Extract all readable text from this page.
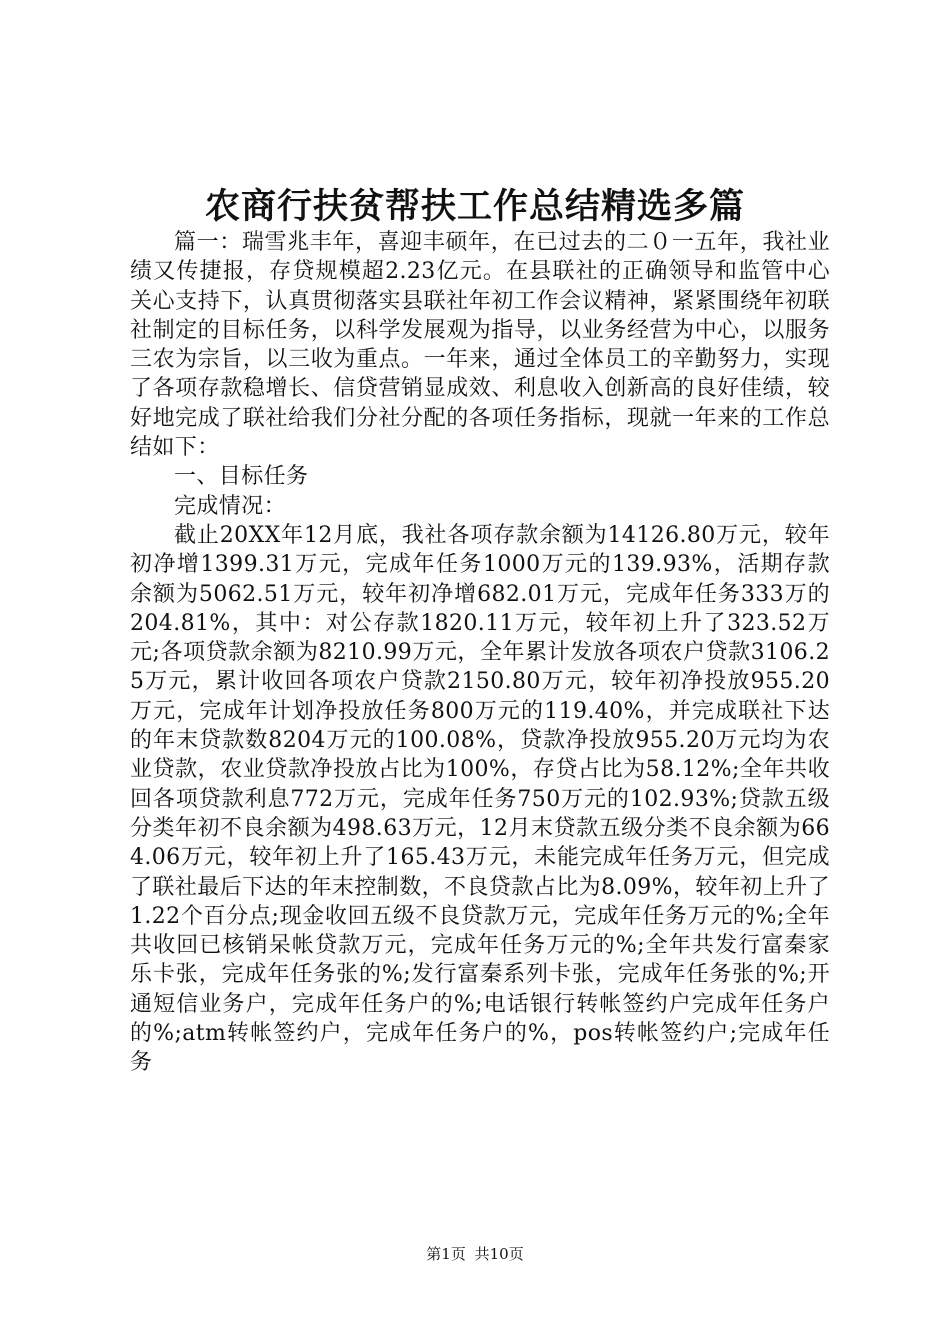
农商行扶贫帮扶工作总结精选多篇

篇一：瑞雪兆丰年，喜迎丰硕年，在已过去的二０一五年，我社业绩又传捷报，存贷规模超2.23亿元。在县联社的正确领导和监管中心关心支持下，认真贯彻落实县联社年初工作会议精神，紧紧围绕年初联社制定的目标任务，以科学发展观为指导，以业务经营为中心，以服务三农为宗旨，以三收为重点。一年来，通过全体员工的辛勤努力，实现了各项存款稳增长、信贷营销显成效、利息收入创新高的良好佳绩，较好地完成了联社给我们分社分配的各项任务指标，现就一年来的工作总结如下：

一、目标任务

完成情况：

截止20XX年12月底，我社各项存款余额为14126.80万元，较年初净增1399.31万元，完成年任务1000万元的139.93%，活期存款余额为5062.51万元，较年初净增682.01万元，完成年任务333万的204.81%，其中：对公存款1820.11万元，较年初上升了323.52万元;各项贷款余额为8210.99万元，全年累计发放各项农户贷款3106.25万元，累计收回各项农户贷款2150.80万元，较年初净投放955.20万元，完成年计划净投放任务800万元的119.40%，并完成联社下达的年末贷款数8204万元的100.08%，贷款净投放955.20万元均为农业贷款，农业贷款净投放占比为100%，存贷占比为58.12%;全年共收回各项贷款利息772万元，完成年任务750万元的102.93%;贷款五级分类年初不良余额为498.63万元，12月末贷款五级分类不良余额为664.06万元，较年初上升了165.43万元，未能完成年任务万元，但完成了联社最后下达的年末控制数，不良贷款占比为8.09%，较年初上升了1.22个百分点;现金收回五级不良贷款万元，完成年任务万元的%;全年共收回已核销呆帐贷款万元，完成年任务万元的%;全年共发行富秦家乐卡张，完成年任务张的%;发行富秦系列卡张，完成年任务张的%;开通短信业务户，完成年任务户的%;电话银行转帐签约户完成年任务户的%;atm转帐签约户，完成年任务户的%，pos转帐签约户;完成年任务

第1页 共10页
